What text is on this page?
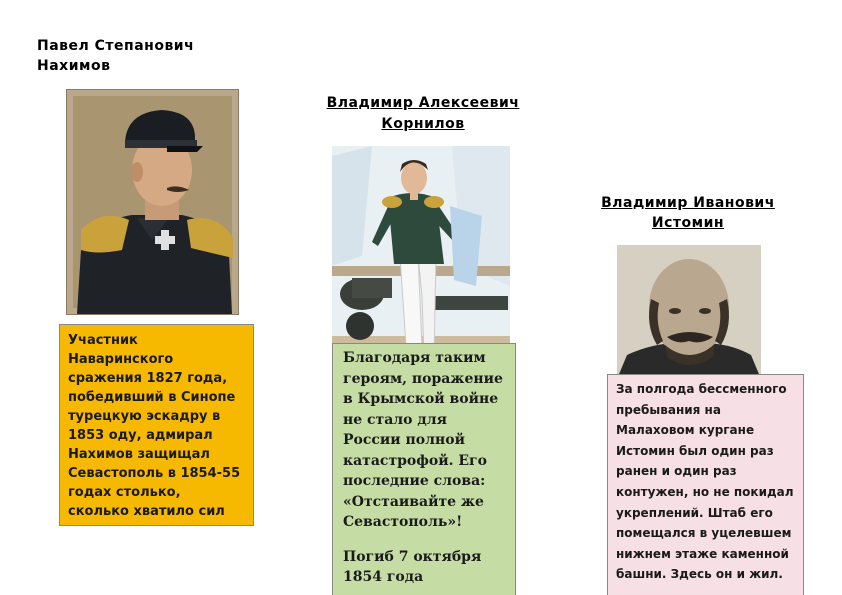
Павел Степанович
Нахимов

Участник Наваринского сражения 1827 года, победивший в Синопе турецкую эскадру в 1853 оду, адмирал Нахимов защищал Севастополь в 1854-55 годах столько, сколько хватило сил

Владимир Алексеевич
Корнилов

Благодаря таким героям, поражение в Крымской войне не стало для России полной катастрофой. Его последние слова: «Отстаивайте же Севастополь»!

Погиб 7 октября 1854 года

Владимир Иванович
Истомин

За полгода бессменного пребывания на Малаховом кургане Истомин был один раз ранен и один раз контужен, но не покидал укреплений. Штаб его помещался в уцелевшем нижнем этаже каменной башни. Здесь он и жил.
